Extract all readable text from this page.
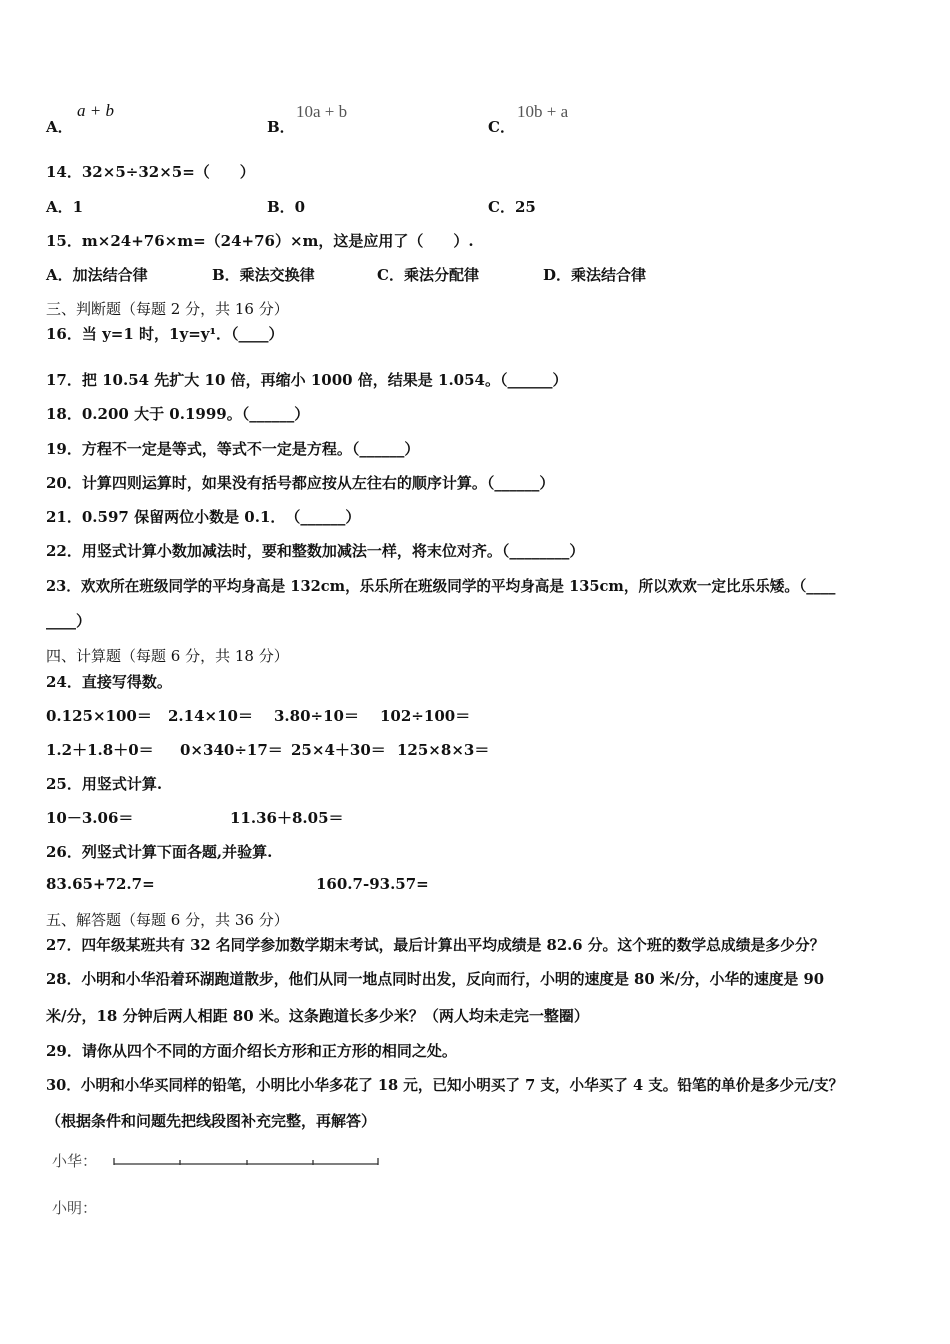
A．
a + b
B．
10a + b
C．
10b + a
14．32×5÷32×5=（　　）
A．1	B．0	C．25
15．m×24+76×m=（24+76）×m，这是应用了（　　）.
A．加法结合律	B．乘法交换律	C．乘法分配律	D．乘法结合律
三、判断题（每题 2 分，共 16 分）
16．当 y=1 时，1y=y¹．（____）
17．把 10.54 先扩大 10 倍，再缩小 1000 倍，结果是 1.054。（______）
18．0.200 大于 0.1999。（______）
19．方程不一定是等式，等式不一定是方程。（______）
20．计算四则运算时，如果没有括号都应按从左往右的顺序计算。（______）
21．0.597 保留两位小数是 0.1．　（______）
22．用竖式计算小数加减法时，要和整数加减法一样，将末位对齐。（________）
23．欢欢所在班级同学的平均身高是 132cm，乐乐所在班级同学的平均身高是 135cm，所以欢欢一定比乐乐矮。（____
____）
四、计算题（每题 6 分，共 18 分）
24．直接写得数。
0.125×100＝ 2.14×10＝ 3.80÷10＝ 102÷100＝
1.2＋1.8＋0＝ 0×340÷17＝ 25×4＋30＝ 125×8×3＝
25．用竖式计算.
10－3.06＝	11.36＋8.05＝
26．列竖式计算下面各题,并验算.
83.65+72.7=	160.7-93.57=
五、解答题（每题 6 分，共 36 分）
27．四年级某班共有 32 名同学参加数学期末考试，最后计算出平均成绩是 82.6 分。这个班的数学总成绩是多少分？
28．小明和小华沿着环湖跑道散步，他们从同一地点同时出发，反向而行，小明的速度是 80 米/分，小华的速度是 90
米/分，18 分钟后两人相距 80 米。这条跑道长多少米？（两人均未走完一整圈）
29．请你从四个不同的方面介绍长方形和正方形的相同之处。
30．小明和小华买同样的铅笔，小明比小华多花了 18 元，已知小明买了 7 支，小华买了 4 支。铅笔的单价是多少元/支？
（根据条件和问题先把线段图补充完整，再解答）
小华：
小明：
